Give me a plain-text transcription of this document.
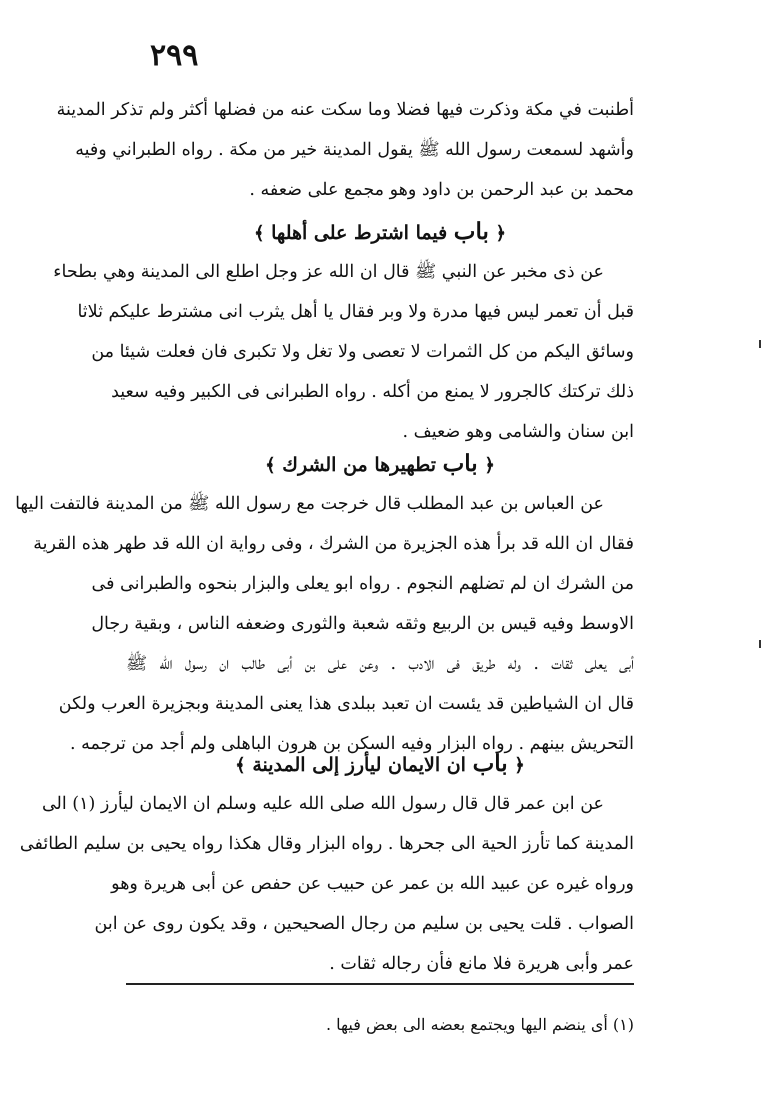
٢٩٩
أطنبت في مكة وذكرت فيها فضلا وما سكت عنه من فضلها أكثر ولم تذكر المدينة
وأشهد لسمعت رسول الله ﷺ يقول المدينة خير من مكة . رواه الطبراني وفيه
محمد بن عبد الرحمن بن داود وهو مجمع على ضعفه .
﴿ باب فيما اشترط على أهلها ﴾
عن ذى مخبر عن النبي ﷺ قال ان الله عز وجل اطلع الى المدينة وهي بطحاء
قبل أن تعمر ليس فيها مدرة ولا وبر فقال يا أهل يثرب انى مشترط عليكم ثلاثا
وسائق اليكم من كل الثمرات لا تعصى ولا تغل ولا تكبرى فان فعلت شيئا من
ذلك تركتك كالجرور لا يمنع من أكله . رواه الطبرانى فى الكبير وفيه سعيد
ابن سنان والشامى وهو ضعيف .
﴿ باب تطهيرها من الشرك ﴾
عن العباس بن عبد المطلب قال خرجت مع رسول الله ﷺ من المدينة فالتفت اليها
فقال ان الله قد برأ هذه الجزيرة من الشرك ، وفى رواية ان الله قد طهر هذه القرية
من الشرك ان لم تضلهم النجوم . رواه ابو يعلى والبزار بنحوه والطبرانى فى
الاوسط وفيه قيس بن الربيع وثقه شعبة والثورى وضعفه الناس ، وبقية رجال
أبى يعلى ثقات . وله طريق فى الادب . وعن على بن أبى طالب ان رسول الله ﷺ
قال ان الشياطين قد يئست ان تعبد ببلدى هذا يعنى المدينة وبجزيرة العرب ولكن
التحريش بينهم . رواه البزار وفيه السكن بن هرون الباهلى ولم أجد من ترجمه .
﴿ باب ان الايمان ليأرز إلى المدينة ﴾
عن ابن عمر قال قال رسول الله صلى الله عليه وسلم ان الايمان ليأرز (١) الى
المدينة كما تأرز الحية الى جحرها . رواه البزار وقال هكذا رواه يحيى بن سليم الطائفى
ورواه غيره عن عبيد الله بن عمر عن حبيب عن حفص عن أبى هريرة وهو
الصواب . قلت يحيى بن سليم من رجال الصحيحين ، وقد يكون روى عن ابن
عمر وأبى هريرة فلا مانع فأن رجاله ثقات .
(١) أى ينضم اليها ويجتمع بعضه الى بعض فيها .
